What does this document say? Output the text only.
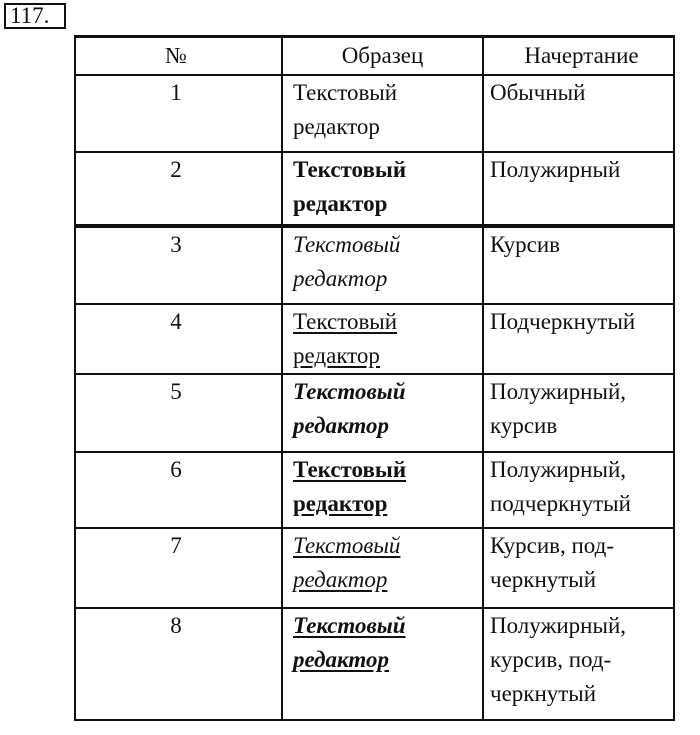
117.
№	Образец	Начертание
1	Текстовый редактор	Обычный
2	Текстовый редактор	Полужирный
3	Текстовый редактор	Курсив
4	Текстовый редактор	Подчеркнутый
5	Текстовый редактор	Полужирный, курсив
6	Текстовый редактор	Полужирный, подчеркнутый
7	Текстовый редактор	Курсив, под-черкнутый
8	Текстовый редактор	Полужирный, курсив, под-черкнутый
